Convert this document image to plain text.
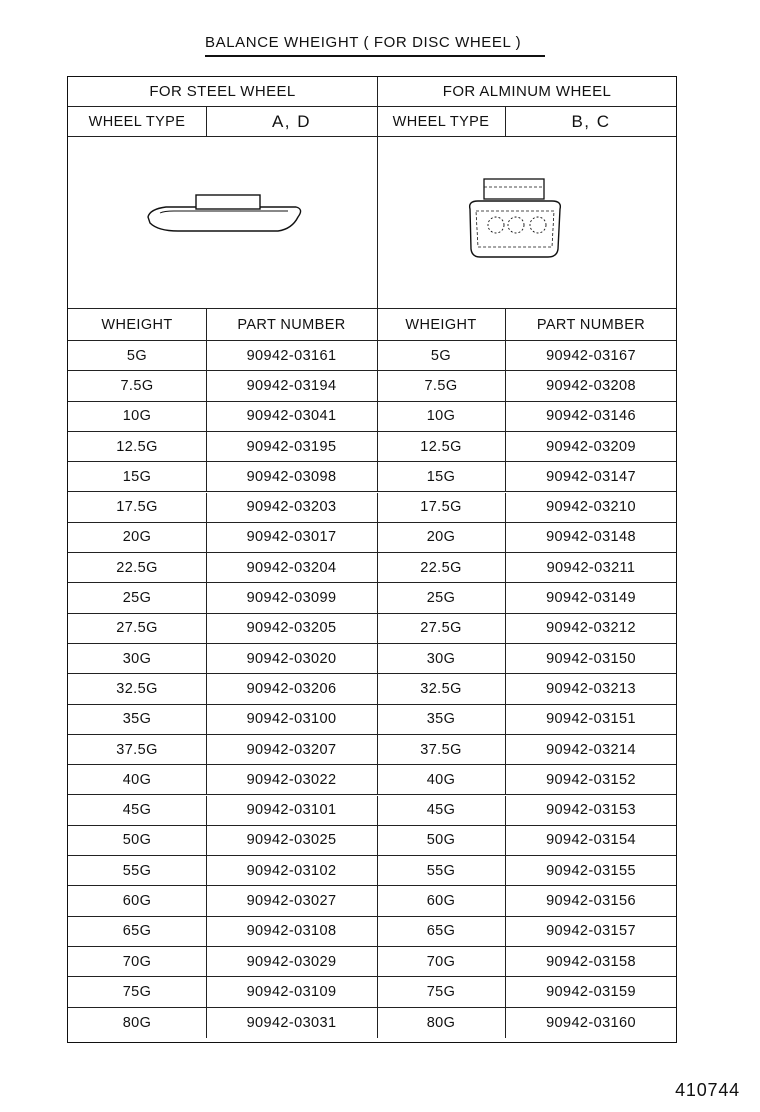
BALANCE WHEIGHT ( FOR DISC WHEEL )
FOR STEEL WHEEL	FOR ALMINUM WHEEL
WHEEL TYPE	A, D	WHEEL TYPE	B, C
WHEIGHT	PART NUMBER	WHEIGHT	PART NUMBER
5G	90942-03161	5G	90942-03167
7.5G	90942-03194	7.5G	90942-03208
10G	90942-03041	10G	90942-03146
12.5G	90942-03195	12.5G	90942-03209
15G	90942-03098	15G	90942-03147
17.5G	90942-03203	17.5G	90942-03210
20G	90942-03017	20G	90942-03148
22.5G	90942-03204	22.5G	90942-03211
25G	90942-03099	25G	90942-03149
27.5G	90942-03205	27.5G	90942-03212
30G	90942-03020	30G	90942-03150
32.5G	90942-03206	32.5G	90942-03213
35G	90942-03100	35G	90942-03151
37.5G	90942-03207	37.5G	90942-03214
40G	90942-03022	40G	90942-03152
45G	90942-03101	45G	90942-03153
50G	90942-03025	50G	90942-03154
55G	90942-03102	55G	90942-03155
60G	90942-03027	60G	90942-03156
65G	90942-03108	65G	90942-03157
70G	90942-03029	70G	90942-03158
75G	90942-03109	75G	90942-03159
80G	90942-03031	80G	90942-03160
410744
